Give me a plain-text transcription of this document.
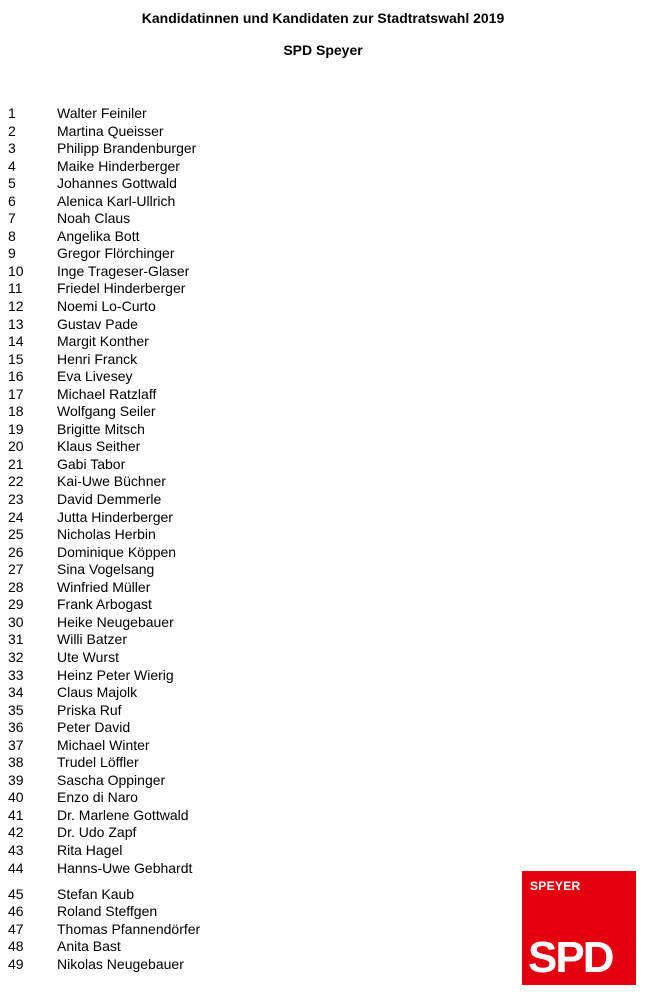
Kandidatinnen und Kandidaten zur Stadtratswahl 2019
SPD Speyer
1	Walter Feiniler
2	Martina Queisser
3	Philipp Brandenburger
4	Maike Hinderberger
5	Johannes Gottwald
6	Alenica Karl-Ullrich
7	Noah Claus
8	Angelika Bott
9	Gregor Flörchinger
10 Inge Trageser-Glaser
11 Friedel Hinderberger
12 Noemi Lo-Curto
13 Gustav Pade
14 Margit Konther
15 Henri Franck
16 Eva Livesey
17 Michael Ratzlaff
18 Wolfgang Seiler
19 Brigitte Mitsch
20 Klaus Seither
21 Gabi Tabor
22 Kai-Uwe Büchner
23 David Demmerle
24 Jutta Hinderberger
25 Nicholas Herbin
26 Dominique Köppen
27 Sina Vogelsang
28 Winfried Müller
29 Frank Arbogast
30 Heike Neugebauer
31 Willi Batzer
32 Ute Wurst
33 Heinz Peter Wierig
34 Claus Majolk
35 Priska Ruf
36 Peter David
37 Michael Winter
38 Trudel Löffler
39 Sascha Oppinger
40 Enzo di Naro
41 Dr. Marlene Gottwald
42 Dr. Udo Zapf
43 Rita Hagel
44 Hanns-Uwe Gebhardt
45 Stefan Kaub
46 Roland Steffgen
47 Thomas Pfannendörfer
48 Anita Bast
49 Nikolas Neugebauer
SPEYER
SPD
